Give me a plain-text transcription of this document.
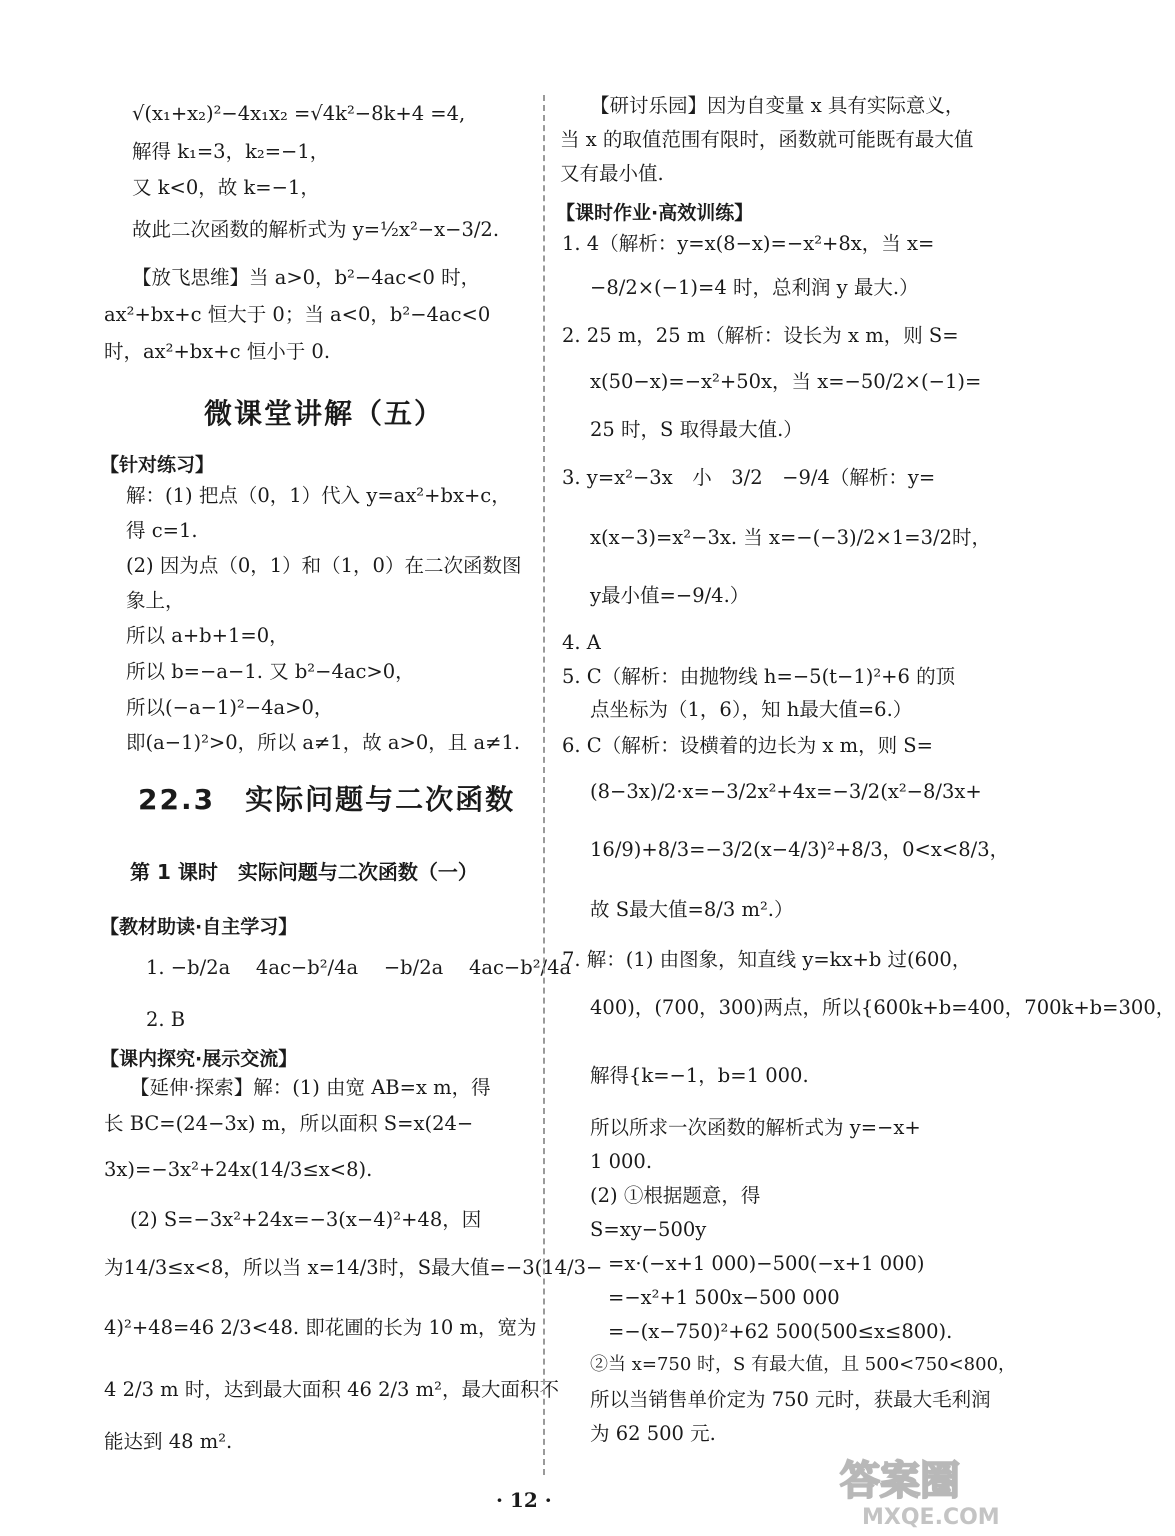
√(x₁+x₂)²−4x₁x₂ =√4k²−8k+4 =4,
解得 k₁=3，k₂=−1，
又 k<0，故 k=−1，
故此二次函数的解析式为 y=½x²−x−3/2.
【放飞思维】当 a>0，b²−4ac<0 时，
ax²+bx+c 恒大于 0；当 a<0，b²−4ac<0
时，ax²+bx+c 恒小于 0.
微课堂讲解（五）
【针对练习】
解：(1) 把点（0，1）代入 y=ax²+bx+c，
得 c=1.
(2) 因为点（0，1）和（1，0）在二次函数图
象上，
所以 a+b+1=0，
所以 b=−a−1. 又 b²−4ac>0，
所以(−a−1)²−4a>0，
即(a−1)²>0，所以 a≠1，故 a>0，且 a≠1.
22.3　实际问题与二次函数
第 1 课时　实际问题与二次函数（一）
【教材助读·自主学习】
1. −b/2a　 4ac−b²/4a　 −b/2a　 4ac−b²/4a
2. B
【课内探究·展示交流】
【延伸·探索】解：(1) 由宽 AB=x m，得
长 BC=(24−3x) m，所以面积 S=x(24−
3x)=−3x²+24x(14/3≤x<8).
(2) S=−3x²+24x=−3(x−4)²+48，因
为14/3≤x<8，所以当 x=14/3时，S最大值=−3(14/3−
4)²+48=46 2/3<48. 即花圃的长为 10 m，宽为
4 2/3 m 时，达到最大面积 46 2/3 m²，最大面积不
能达到 48 m².
【研讨乐园】因为自变量 x 具有实际意义，
当 x 的取值范围有限时，函数就可能既有最大值
又有最小值.
【课时作业·高效训练】
1. 4（解析：y=x(8−x)=−x²+8x，当 x=
−8/2×(−1)=4 时，总利润 y 最大.）
2. 25 m，25 m（解析：设长为 x m，则 S=
x(50−x)=−x²+50x，当 x=−50/2×(−1)=
25 时，S 取得最大值.）
3. y=x²−3x　小　3/2　−9/4（解析：y=
x(x−3)=x²−3x. 当 x=−(−3)/2×1=3/2时，
y最小值=−9/4.）
4. A
5. C（解析：由抛物线 h=−5(t−1)²+6 的顶
点坐标为（1，6），知 h最大值=6.）
6. C（解析：设横着的边长为 x m，则 S=
(8−3x)/2·x=−3/2x²+4x=−3/2(x²−8/3x+
16/9)+8/3=−3/2(x−4/3)²+8/3，0<x<8/3，
故 S最大值=8/3 m².）
7. 解：(1) 由图象，知直线 y=kx+b 过(600，
400)，(700，300)两点，所以{600k+b=400，700k+b=300，
解得{k=−1，b=1 000.
所以所求一次函数的解析式为 y=−x+
1 000.
(2) ①根据题意，得
S=xy−500y
=x·(−x+1 000)−500(−x+1 000)
=−x²+1 500x−500 000
=−(x−750)²+62 500(500≤x≤800).
②当 x=750 时，S 有最大值，且 500<750<800，
所以当销售单价定为 750 元时，获最大毛利润
为 62 500 元.
· 12 ·	答案圈
MXQE.COM
